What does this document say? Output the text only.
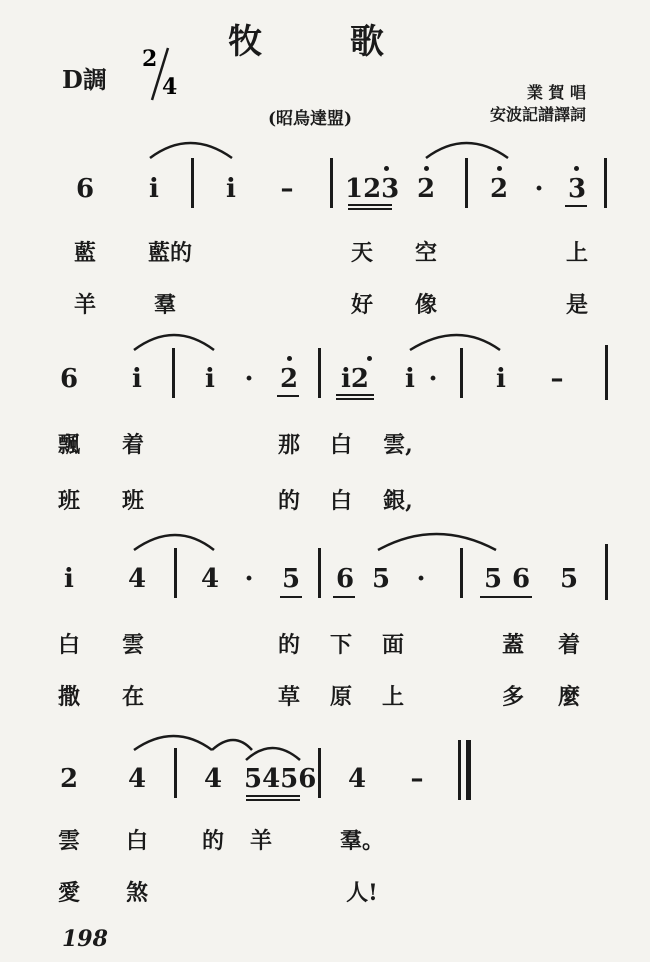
牧 歌
D調
2
4	業 賀 唱
安波記譜譯詞
(昭烏達盟)
6	i	i	–	123 2	2	· 3
藍 藍的	天 空	上
羊	羣	好 像	是
6	i	i	·	2	i2	i ·	i	–
飄 着	那 白	雲,
班 班	的 白	銀,
i	4	4 ·	5	6 5	·	5 6	5
白 雲	的 下 面	蓋 着
撒 在	草 原 上	多 麼
2	4	4 5456	4	–
雲 白 的 羊	羣。
愛 煞	人!
198
